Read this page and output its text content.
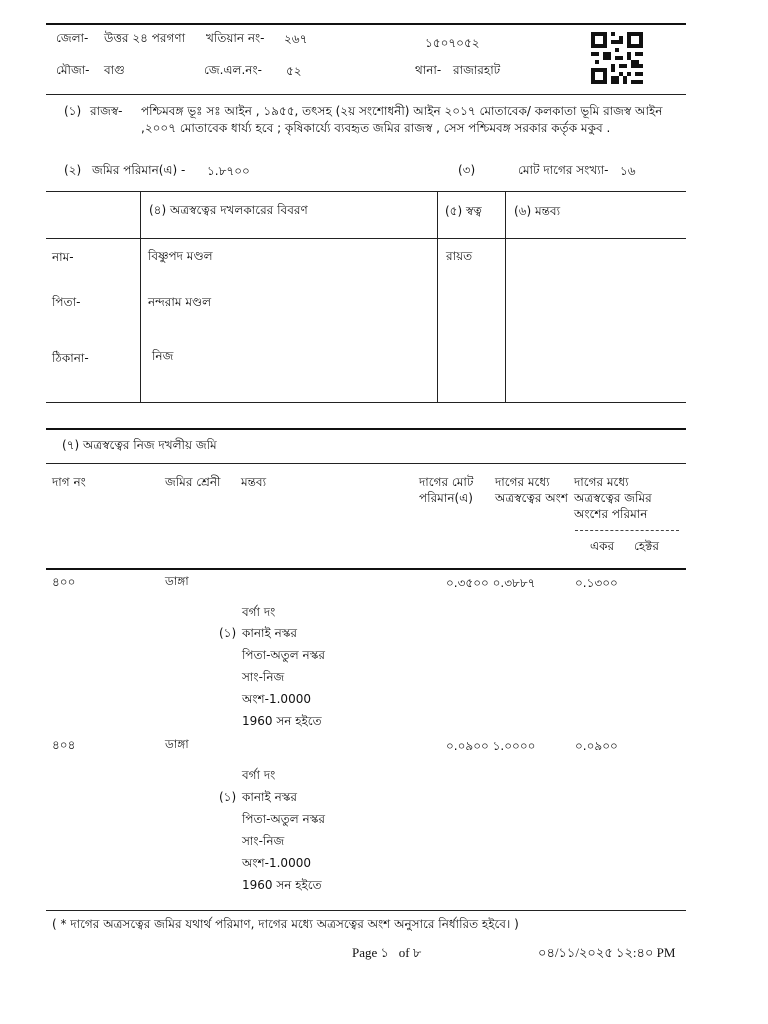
জেলা- উত্তর ২৪ পরগণা খতিয়ান নং- ২৬৭	১৫০৭০৫২
মৌজা- বাগু	জে.এল.নং- ৫২	থানা- রাজারহাট
(১) রাজস্ব- পশ্চিমবঙ্গ ভূঃ সঃ আইন , ১৯৫৫, তৎসহ (২য় সংশোধনী) আইন ২০১৭ মোতাবেক/ কলকাতা ভূমি রাজস্ব আইন ,২০০৭ মোতাবেক ধার্য্য হবে ; কৃষিকার্য্যে ব্যবহৃত জমির রাজস্ব , সেস পশ্চিমবঙ্গ সরকার কর্তৃক মকুব .
(২) জমির পরিমান(এ) - ১.৮৭০০	(৩)	মোট দাগের সংখ্যা- ১৬
(৪) অত্রস্বত্বের দখলকারের বিবরণ	(৫) স্বত্ব	(৬) মন্তব্য
নাম-	বিষ্ণুপদ মণ্ডল	রায়ত
পিতা-	নন্দরাম মণ্ডল
ঠিকানা-	নিজ
(৭) অত্রস্বত্বের নিজ দখলীয় জমি
দাগ নং	জমির শ্রেনী মন্তব্য	দাগের মোট
পরিমান(এ)
দাগের মধ্যে
অত্রস্বত্বের অংশ
দাগের মধ্যে
অত্রস্বত্বের জমির
অংশের পরিমান
একর হেক্টর
৪০০	ডাঙ্গা	০.৩৫০০ ০.৩৮৮৭	০.১৩০০
বর্গা দং
(১) কানাই নস্কর
পিতা-অতুল নস্কর
সাং-নিজ
অংশ-1.0000
1960 সন হইতে
৪০৪	ডাঙ্গা	০.০৯০০ ১.০০০০	০.০৯০০
বর্গা দং
(১) কানাই নস্কর
পিতা-অতুল নস্কর
সাং-নিজ
অংশ-1.0000
1960 সন হইতে
( * দাগের অত্রসত্বের জমির যথার্থ পরিমাণ, দাগের মধ্যে অত্রসত্বের অংশ অনুসারে নির্ধারিত হইবে। )
Page ১ of ৮	০৪/১১/২০২৫ ১২:৪০ PM
